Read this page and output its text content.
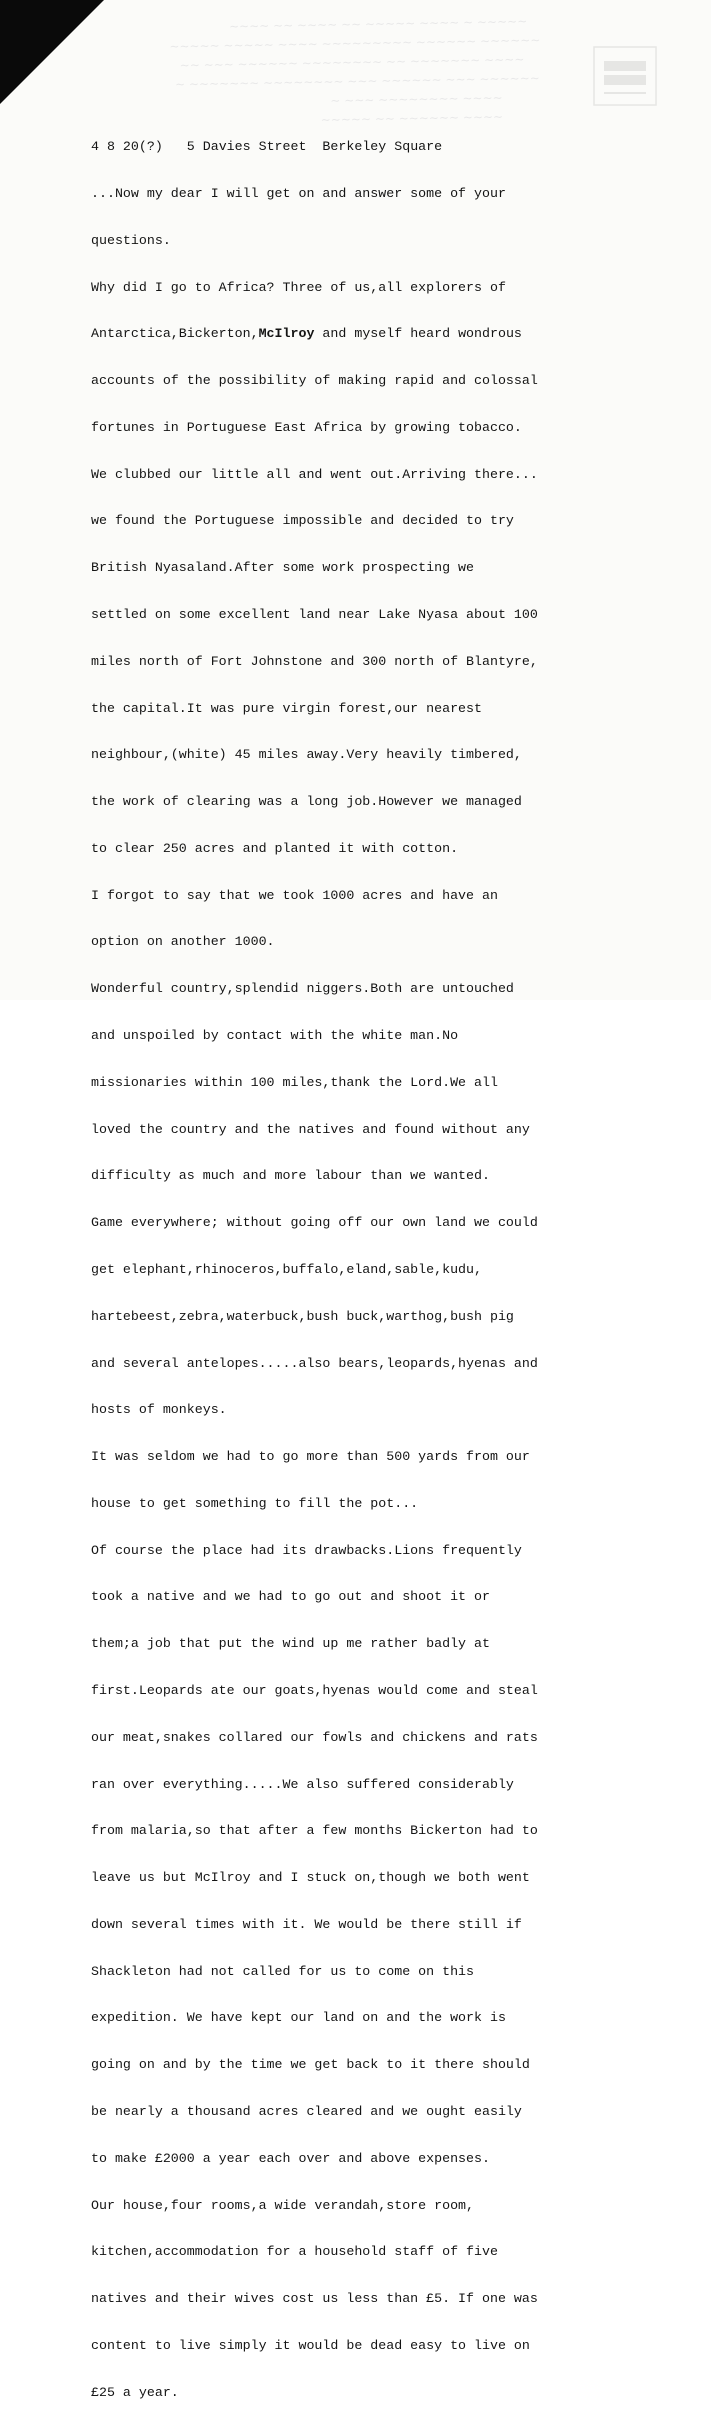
~~~~ ~~ ~~~~ ~~ ~~~~~ ~~~~ ~ ~~~~~
~~~~~ ~~~~~ ~~~~ ~~~~~~~~~ ~~~~~~ ~~~~~~
~~ ~~~ ~~~~~~ ~~~~~~~~ ~~ ~~~~~~~ ~~~~
~ ~~~~~~~ ~~~~~~~~ ~~~ ~~~~~~ ~~~ ~~~~~~
~ ~~~ ~~~~~~~~ ~~~~
~~~~~ ~~ ~~~~~~ ~~~~

4 8 20(?) 5 Davies Street  Berkeley Square

...Now my dear I will get on and answer some of your

questions.

Why did I go to Africa? Three of us,all explorers of

Antarctica,Bickerton,McIlroy and myself heard wondrous

accounts of the possibility of making rapid and colossal

fortunes in Portuguese East Africa by growing tobacco.

We clubbed our little all and went out.Arriving there...

we found the Portuguese impossible and decided to try

British Nyasaland.After some work prospecting we

settled on some excellent land near Lake Nyasa about 100

miles north of Fort Johnstone and 300 north of Blantyre,

the capital.It was pure virgin forest,our nearest

neighbour,(white) 45 miles away.Very heavily timbered,

the work of clearing was a long job.However we managed

to clear 250 acres and planted it with cotton.

I forgot to say that we took 1000 acres and have an

option on another 1000.

Wonderful country,splendid niggers.Both are untouched

and unspoiled by contact with the white man.No

missionaries within 100 miles,thank the Lord.We all

loved the country and the natives and found without any

difficulty as much and more labour than we wanted.

Game everywhere; without going off our own land we could

get elephant,rhinoceros,buffalo,eland,sable,kudu,

hartebeest,zebra,waterbuck,bush buck,warthog,bush pig

and several antelopes.....also bears,leopards,hyenas and

hosts of monkeys.

It was seldom we had to go more than 500 yards from our

house to get something to fill the pot...

Of course the place had its drawbacks.Lions frequently

took a native and we had to go out and shoot it or

them;a job that put the wind up me rather badly at

first.Leopards ate our goats,hyenas would come and steal

our meat,snakes collared our fowls and chickens and rats

ran over everything.....We also suffered considerably

from malaria,so that after a few months Bickerton had to

leave us but McIlroy and I stuck on,though we both went

down several times with it. We would be there still if

Shackleton had not called for us to come on this

expedition. We have kept our land on and the work is

going on and by the time we get back to it there should

be nearly a thousand acres cleared and we ought easily

to make £2000 a year each over and above expenses.

Our house,four rooms,a wide verandah,store room,

kitchen,accommodation for a household staff of five

natives and their wives cost us less than £5. If one was

content to live simply it would be dead easy to live on

£25 a year.
